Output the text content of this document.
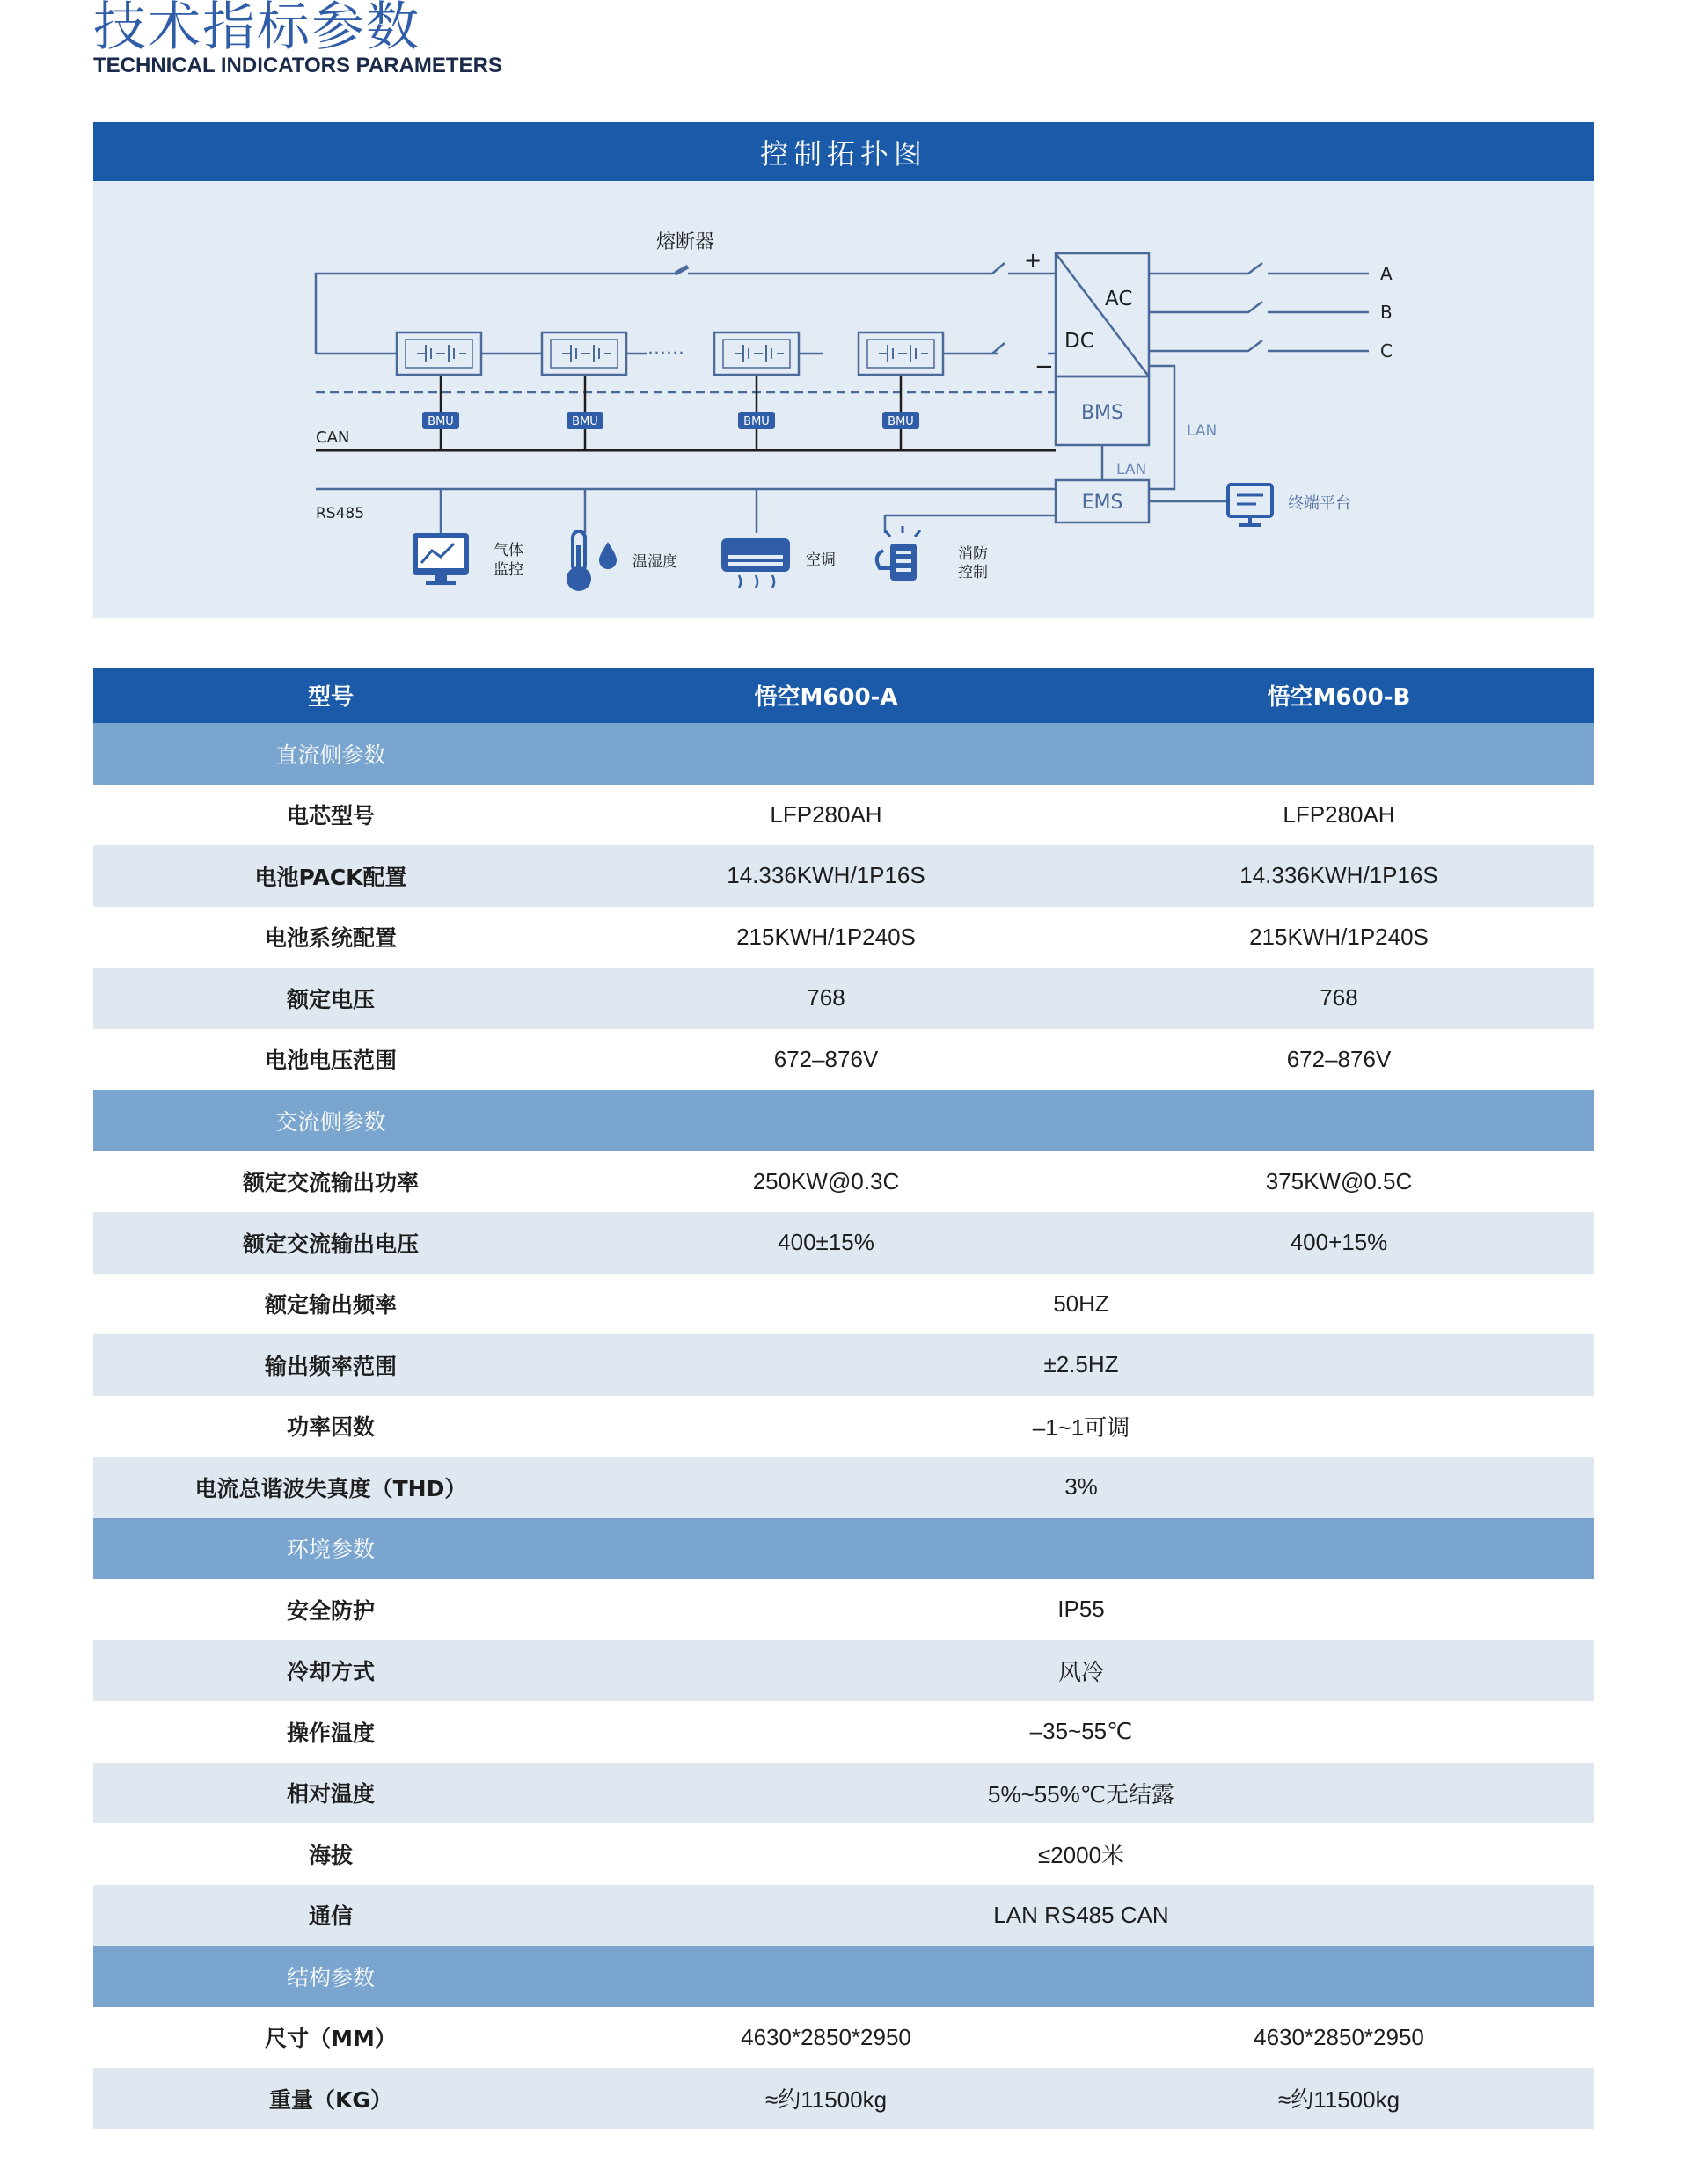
技术指标参数
TECHNICAL INDICATORS PARAMETERS
控制拓扑图
BMU	BMU	BMU	BMU
熔断器
······
+
−
AC
DC
A
B
C
BMS
EMS
LAN
LAN
CAN
RS485
终端平台
气体
监控	温湿度	空调	消防
控制
型号	悟空M600-A	悟空M600-B
直流侧参数		
电芯型号	LFP280AH	LFP280AH
电池PACK配置	14.336KWH/1P16S	14.336KWH/1P16S
电池系统配置	215KWH/1P240S	215KWH/1P240S
额定电压	768	768
电池电压范围	672–876V	672–876V
交流侧参数		
额定交流输出功率	250KW@0.3C	375KW@0.5C
额定交流输出电压	400±15%	400+15%
额定输出频率	50HZ	
输出频率范围	±2.5HZ	
功率因数	–1~1可调	
电流总谐波失真度（THD）	3%	
环境参数		
安全防护	IP55	
冷却方式	风冷	
操作温度	–35~55℃	
相对温度	5%~55%℃无结露	
海拔	≤2000米	
通信	LAN RS485 CAN	
结构参数		
尺寸（MM）	4630*2850*2950	4630*2850*2950
重量（KG）	≈约11500kg	≈约11500kg
